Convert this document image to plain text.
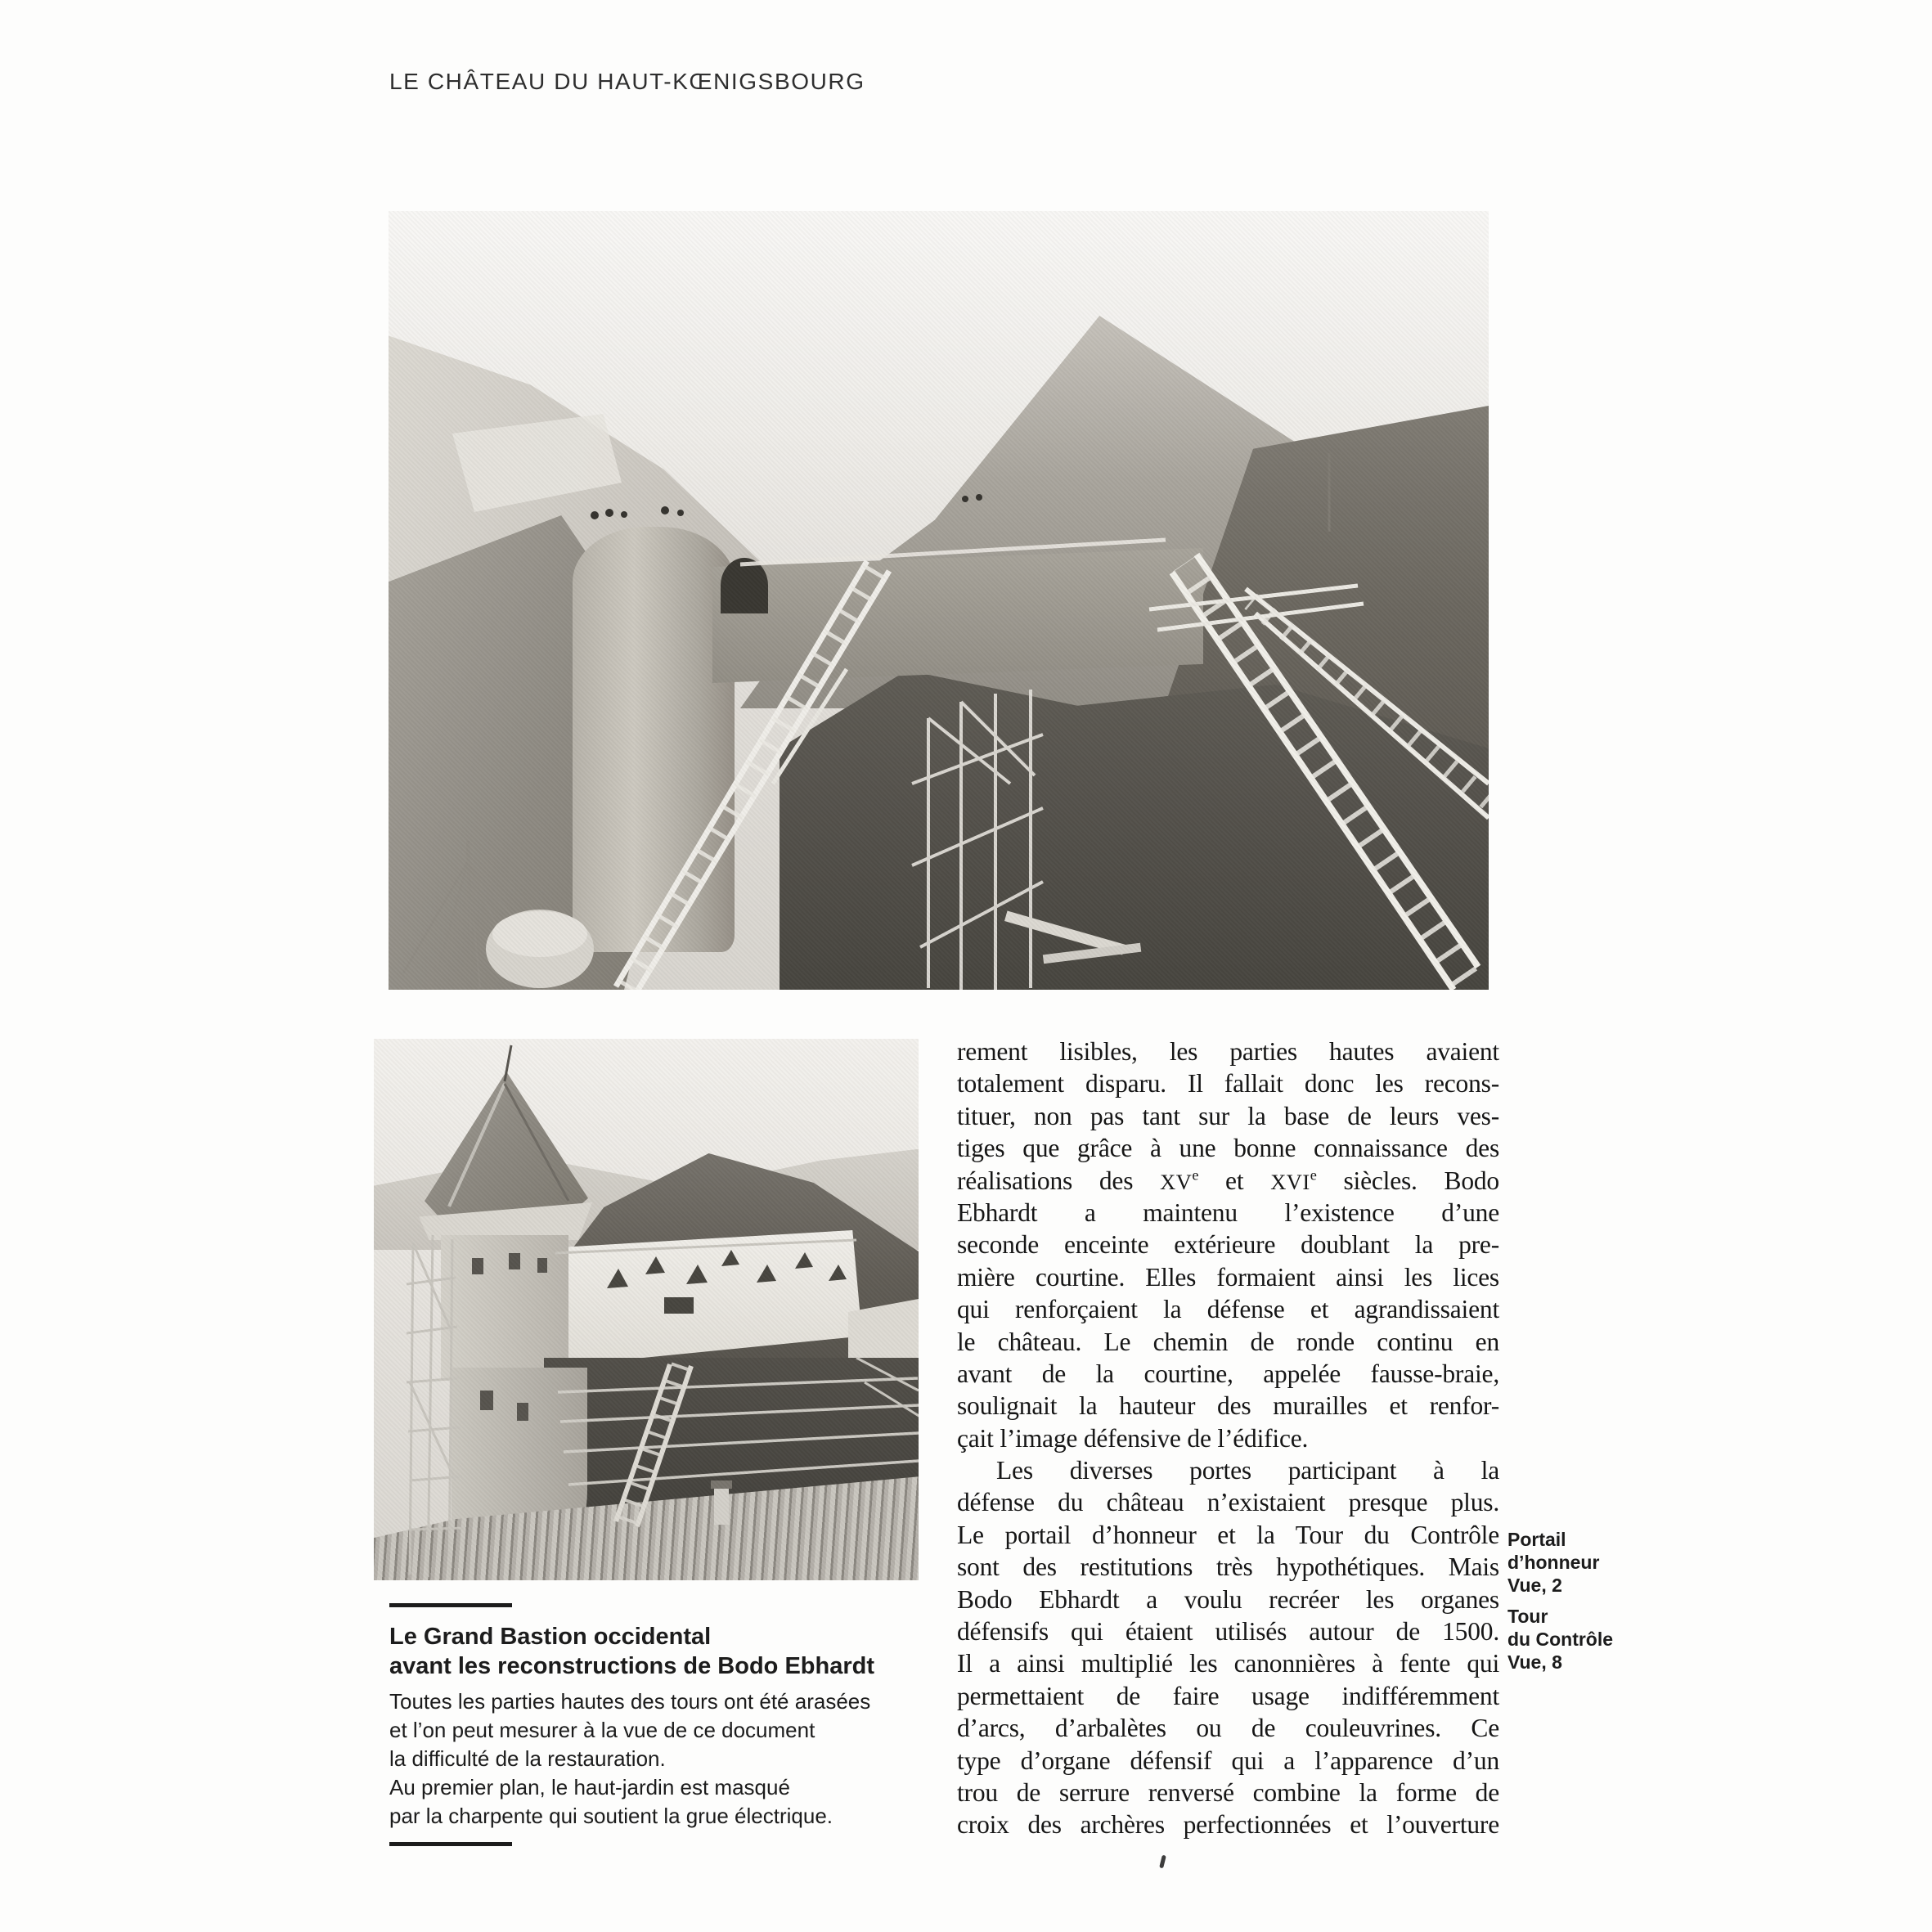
LE CHÂTEAU DU HAUT-KŒNIGSBOURG
Le Grand Bastion occidental
avant les reconstructions de Bodo Ebhardt
Toutes les parties hautes des tours ont été arasées
et l’on peut mesurer à la vue de ce document
la difficulté de la restauration.
Au premier plan, le haut-jardin est masqué
par la charpente qui soutient la grue électrique.
rement lisibles, les parties hautes avaient
totalement disparu. Il fallait donc les recons-
tituer, non pas tant sur la base de leurs ves-
tiges que grâce à une bonne connaissance des
réalisations des XVe et XVIe siècles. Bodo
Ebhardt a maintenu l’existence d’une
seconde enceinte extérieure doublant la pre-
mière courtine. Elles formaient ainsi les lices
qui renforçaient la défense et agrandissaient
le château. Le chemin de ronde continu en
avant de la courtine, appelée fausse-braie,
soulignait la hauteur des murailles et renfor-
çait l’image défensive de l’édifice.
Les diverses portes participant à la
défense du château n’existaient presque plus.
Le portail d’honneur et la Tour du Contrôle
sont des restitutions très hypothétiques. Mais
Bodo Ebhardt a voulu recréer les organes
défensifs qui étaient utilisés autour de 1500.
Il a ainsi multiplié les canonnières à fente qui
permettaient de faire usage indifféremment
d’arcs, d’arbalètes ou de couleuvrines. Ce
type d’organe défensif qui a l’apparence d’un
trou de serrure renversé combine la forme de
croix des archères perfectionnées et l’ouverture
Portail
d’honneur
Vue, 2
Tour
du Contrôle
Vue, 8
